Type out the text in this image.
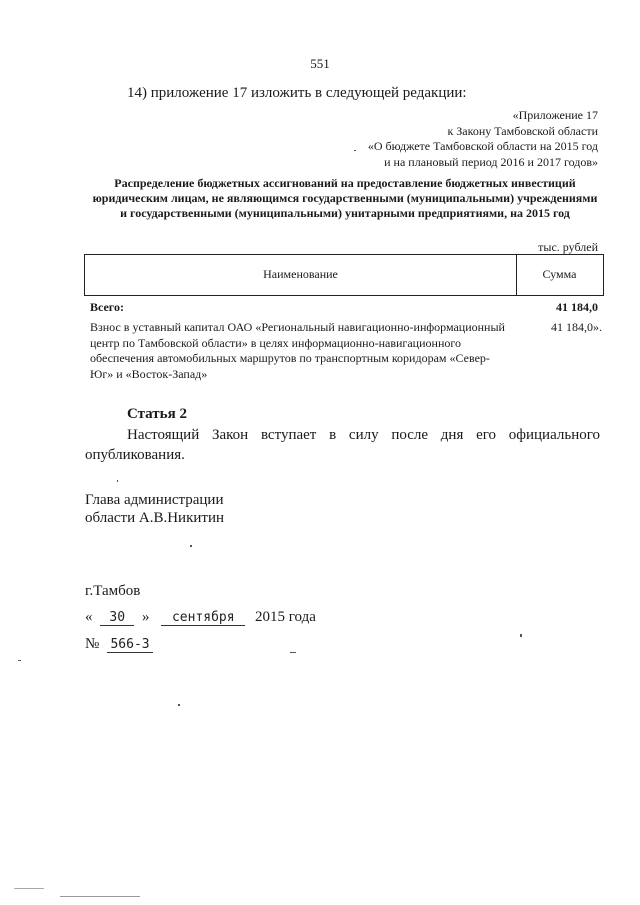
551
14) приложение 17 изложить в следующей редакции:
«Приложение 17
к Закону Тамбовской области
«О бюджете Тамбовской области на 2015 год
и на плановый период 2016 и 2017 годов»
Распределение бюджетных ассигнований на предоставление бюджетных инвестиций юридическим лицам, не являющимся государственными (муниципальными) учреждениями и государственными (муниципальными) унитарными предприятиями, на 2015 год
тыс. рублей
Наименование	Сумма
Всего:	41 184,0
Взнос в уставный капитал ОАО «Региональный навигационно-информационный центр по Тамбовской области» в целях информационно-навигационного обеспечения автомобильных маршрутов по транспортным коридорам «Север-Юг» и «Восток-Запад»
41 184,0».
Статья 2
Настоящий Закон вступает в силу после дня его официального опубликования.
Глава администрации
области А.В.Никитин
г.Тамбов
« 30 » сентября 2015 года
№ 566-З
